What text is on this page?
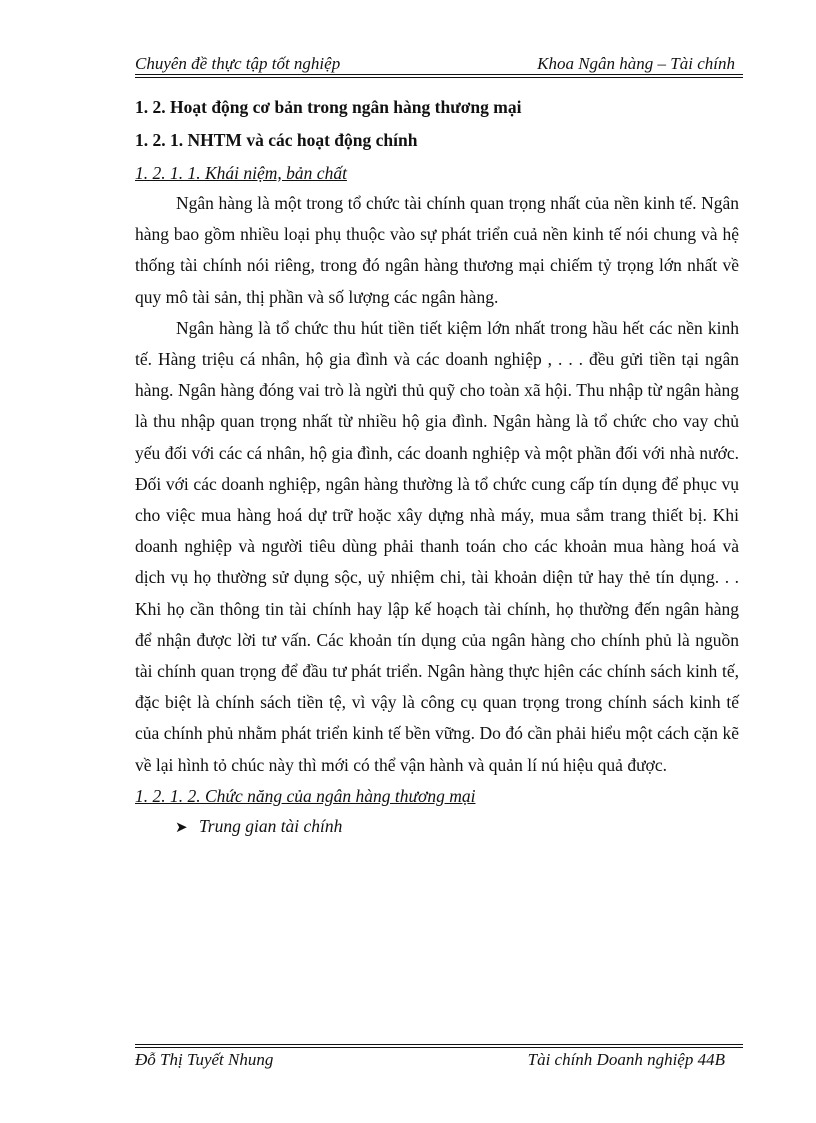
Chuyên đề thực tập tốt nghiệp	Khoa Ngân hàng – Tài chính

1. 2. Hoạt động cơ bản trong ngân hàng thương mại

1. 2. 1. NHTM và các hoạt động chính

1. 2. 1. 1. Khái niệm, bản chất

Ngân hàng là một trong tổ chức tài chính quan trọng nhất của nền kinh tế. Ngân hàng bao gồm nhiều loại phụ thuộc vào sự phát triển cuả nền kinh tế nói chung và hệ thống tài chính nói riêng, trong đó ngân hàng thương mại chiếm tỷ trọng lớn nhất về quy mô tài sản, thị phần và số lượng các ngân hàng.

Ngân hàng là tổ chức thu hút tiền tiết kiệm lớn nhất trong hầu hết các nền kinh tế. Hàng triệu cá nhân, hộ gia đình và các doanh nghiệp , . . . đều gửi tiền tại ngân hàng. Ngân hàng đóng vai trò là ngừi thủ quỹ cho toàn xã hội. Thu nhập từ ngân hàng là thu nhập quan trọng nhất từ nhiều hộ gia đình. Ngân hàng là tổ chức cho vay chủ yếu đối với các cá nhân, hộ gia đình, các doanh nghiệp và một phần đối với nhà nước. Đối với các doanh nghiệp, ngân hàng thường là tổ chức cung cấp tín dụng để phục vụ cho việc mua hàng hoá dự trữ hoặc xây dựng nhà máy, mua sắm trang thiết bị. Khi doanh nghiệp và người tiêu dùng phải thanh toán cho các khoản mua hàng hoá và dịch vụ họ thường sử dụng sộc, uỷ nhiệm chi, tài khoản diện tử hay thẻ tín dụng. . . Khi họ cần thông tin tài chính hay lập kế hoạch tài chính, họ thường đến ngân hàng để nhận được lời tư vấn. Các khoản tín dụng của ngân hàng cho chính phủ là nguồn tài chính quan trọng để đầu tư phát triển. Ngân hàng thực hịên các chính sách kinh tế, đặc biệt là chính sách tiền tệ, vì vậy là công cụ quan trọng trong chính sách kinh tế của chính phủ nhằm phát triển kinh tế bền vững. Do đó cần phải hiểu một cách cặn kẽ về lại hình tỏ chúc này thì mới có thể vận hành và quản lí nú hiệu quả được.

1. 2. 1. 2. Chức năng của ngân hàng thương mại

➤ Trung gian tài chính

Đỗ Thị Tuyết Nhung	Tài chính Doanh nghiệp 44B
